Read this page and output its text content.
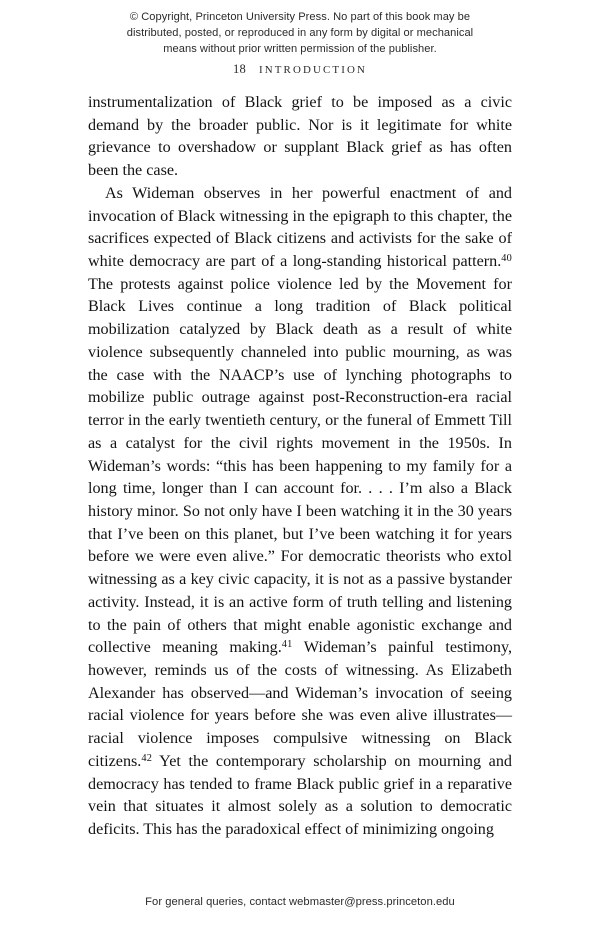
© Copyright, Princeton University Press. No part of this book may be
distributed, posted, or reproduced in any form by digital or mechanical
means without prior written permission of the publisher.
18 INTRODUCTION

instrumentalization of Black grief to be imposed as a civic demand by the broader public. Nor is it legitimate for white grievance to overshadow or supplant Black grief as has often been the case.

As Wideman observes in her powerful enactment of and invocation of Black witnessing in the epigraph to this chapter, the sacrifices expected of Black citizens and activists for the sake of white democracy are part of a long-standing historical pattern.$^{40}$ The protests against police violence led by the Movement for Black Lives continue a long tradition of Black political mobilization catalyzed by Black death as a result of white violence subsequently channeled into public mourning, as was the case with the NAACP’s use of lynching photographs to mobilize public outrage against post-Reconstruction-era racial terror in the early twentieth century, or the funeral of Emmett Till as a catalyst for the civil rights movement in the 1950s. In Wideman’s words: “this has been happening to my family for a long time, longer than I can account for. . . . I’m also a Black history minor. So not only have I been watching it in the 30 years that I’ve been on this planet, but I’ve been watching it for years before we were even alive.” For democratic theorists who extol witnessing as a key civic capacity, it is not as a passive bystander activity. Instead, it is an active form of truth telling and listening to the pain of others that might enable agonistic exchange and collective meaning making.$^{41}$ Wideman’s painful testimony, however, reminds us of the costs of witnessing. As Elizabeth Alexander has observed—and Wideman’s invocation of seeing racial violence for years before she was even alive illustrates—racial violence imposes compulsive witnessing on Black citizens.$^{42}$ Yet the contemporary scholarship on mourning and democracy has tended to frame Black public grief in a reparative vein that situates it almost solely as a solution to democratic deficits. This has the paradoxical effect of minimizing ongoing

For general queries, contact webmaster@press.princeton.edu
